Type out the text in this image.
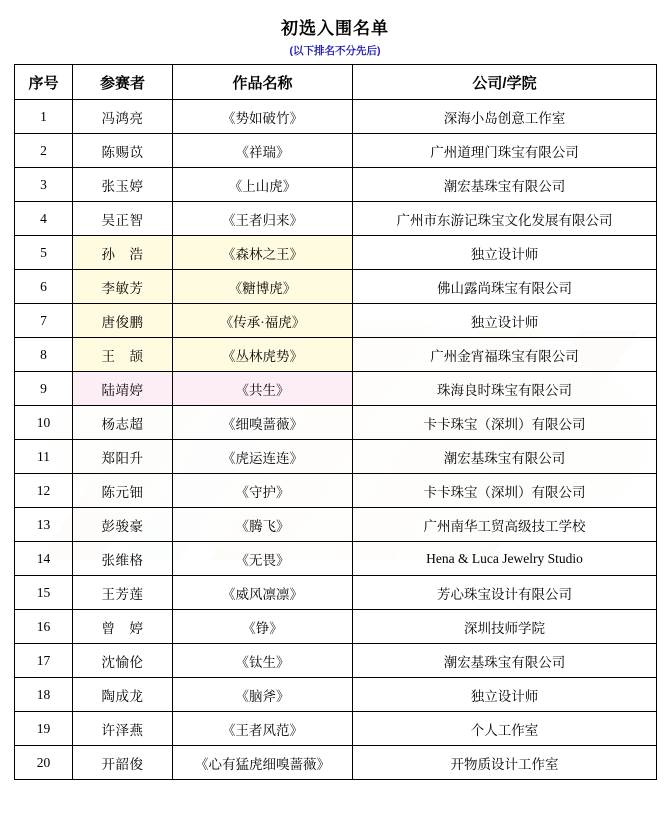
初选入围名单
(以下排名不分先后)
序号	参赛者	作品名称	公司/学院
1	冯鸿亮	《势如破竹》	深海小岛创意工作室
2	陈赐苡	《祥瑞》	广州道理门珠宝有限公司
3	张玉婷	《上山虎》	潮宏基珠宝有限公司
4	吴正智	《王者归来》	广州市东游记珠宝文化发展有限公司
5	孙　浩	《森林之王》	独立设计师
6	李敏芳	《糖博虎》	佛山露尚珠宝有限公司
7	唐俊鹏	《传承·福虎》	独立设计师
8	王　颉	《丛林虎势》	广州金宵福珠宝有限公司
9	陆靖婷	《共生》	珠海良时珠宝有限公司
10	杨志超	《细嗅蔷薇》	卡卡珠宝（深圳）有限公司
11	郑阳升	《虎运连连》	潮宏基珠宝有限公司
12	陈元钿	《守护》	卡卡珠宝（深圳）有限公司
13	彭骏豪	《腾飞》	广州南华工贸高级技工学校
14	张维格	《无畏》	Hena & Luca Jewelry Studio
15	王芳莲	《威风凛凛》	芳心珠宝设计有限公司
16	曾　婷	《铮》	深圳技师学院
17	沈愉伦	《钛生》	潮宏基珠宝有限公司
18	陶成龙	《脑斧》	独立设计师
19	许泽燕	《王者风范》	个人工作室
20	开韶俊	《心有猛虎细嗅蔷薇》	开物质设计工作室
